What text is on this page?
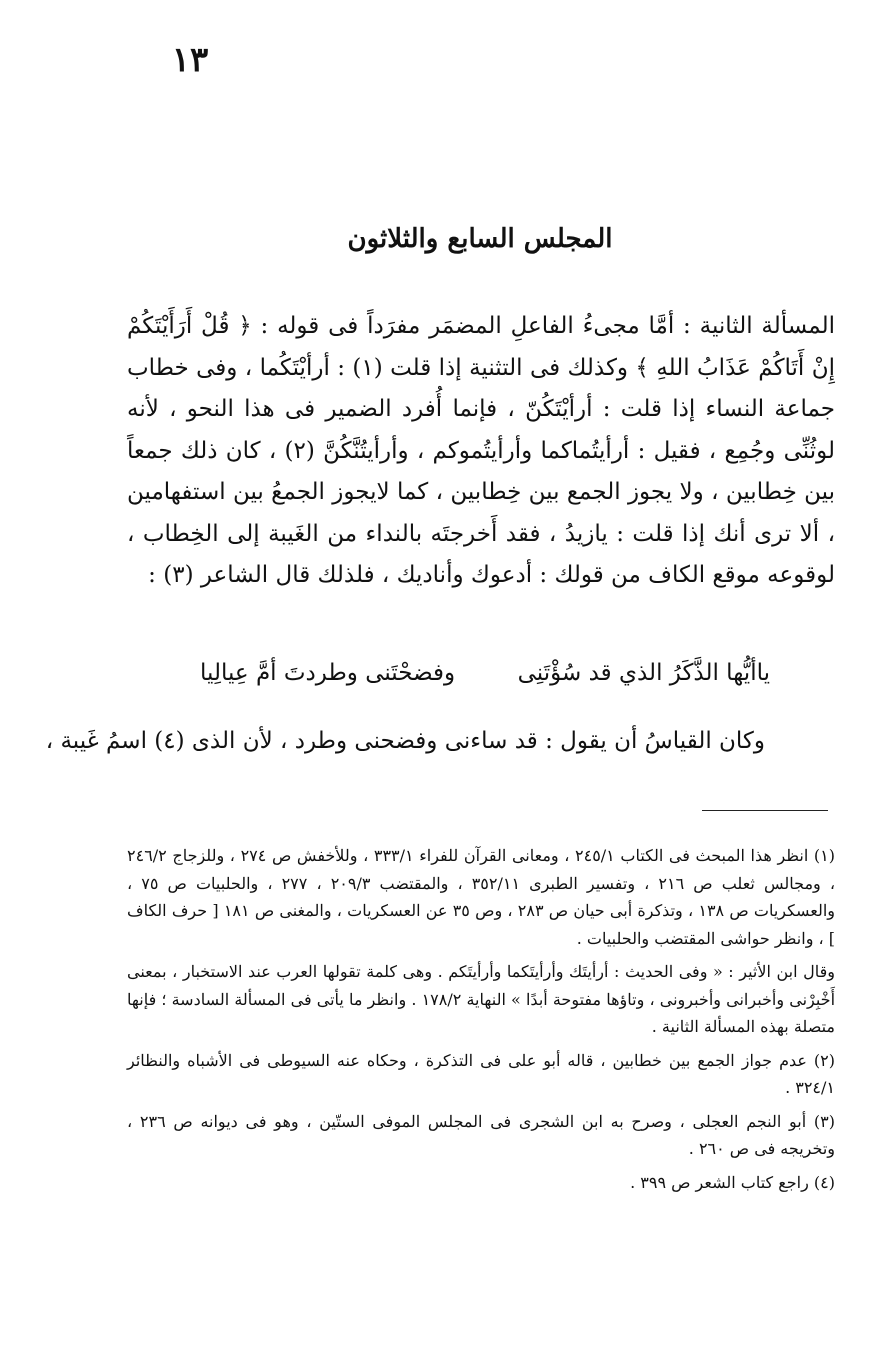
١٣
المجلس السابع والثلاثون
المسألة الثانية : أمَّا مجىءُ الفاعلِ المضمَر مفرَداً فى قوله : ﴿ قُلْ أَرَأَيْتَكُمْ إِنْ أَتَاكُمْ عَذَابُ اللهِ ﴾ وكذلك فى التثنية إذا قلت (١) : أرأيْتَكُما ، وفى خطاب جماعة النساء إذا قلت : أرأيْتَكُنّ ، فإنما أُفرد الضمير فى هذا النحو ، لأنه لوثُنِّى وجُمِع ، فقيل : أرأيتُماكما وأرأيتُموكم ، وأرأيتُنَّكُنَّ (٢) ، كان ذلك جمعاً بين خِطابين ، ولا يجوز الجمع بين خِطابين ، كما لايجوز الجمعُ بين استفهامين ، ألا ترى أنك إذا قلت : يازيدُ ، فقد أَخرجتَه بالنداء من الغَيبة إلى الخِطاب ، لوقوعه موقع الكاف من قولك : أدعوك وأناديك ، فلذلك قال الشاعر (٣) :
ياأيُّها الذَّكَرُ الذي قد سُؤْتَنِى
وفضحْتَنى وطردتَ أمَّ عِيالِيا
وكان القياسُ أن يقول : قد ساءنى وفضحنى وطرد ، لأن الذى (٤) اسمُ غَيبة ،
(١) انظر هذا المبحث فى الكتاب ٢٤٥/١ ، ومعانى القرآن للفراء ٣٣٣/١ ، وللأخفش ص ٢٧٤ ، وللزجاج ٢٤٦/٢ ، ومجالس ثعلب ص ٢١٦ ، وتفسير الطبرى ٣٥٢/١١ ، والمقتضب ٢٠٩/٣ ، ٢٧٧ ، والحلبيات ص ٧٥ ، والعسكريات ص ١٣٨ ، وتذكرة أبى حيان ص ٢٨٣ ، وص ٣٥ عن العسكريات ، والمغنى ص ١٨١ [ حرف الكاف ] ، وانظر حواشى المقتضب والحلبيات .
وقال ابن الأثير : « وفى الحديث : أرأيتَك وأرأيتَكما وأرأيتَكم . وهى كلمة تقولها العرب عند الاستخبار ، بمعنى أَخْبِرْنى وأخبرانى وأخبرونى ، وتاؤها مفتوحة أبدًا » النهاية ١٧٨/٢ . وانظر ما يأتى فى المسألة السادسة ؛ فإنها متصلة بهذه المسألة الثانية .
(٢) عدم جواز الجمع بين خطابين ، قاله أبو على فى التذكرة ، وحكاه عنه السيوطى فى الأشباه والنظائر ٣٢٤/١ .
(٣) أبو النجم العجلى ، وصرح به ابن الشجرى فى المجلس الموفى الستّين ، وهو فى ديوانه ص ٢٣٦ ، وتخريجه فى ص ٢٦٠ .
(٤) راجع كتاب الشعر ص ٣٩٩ .
